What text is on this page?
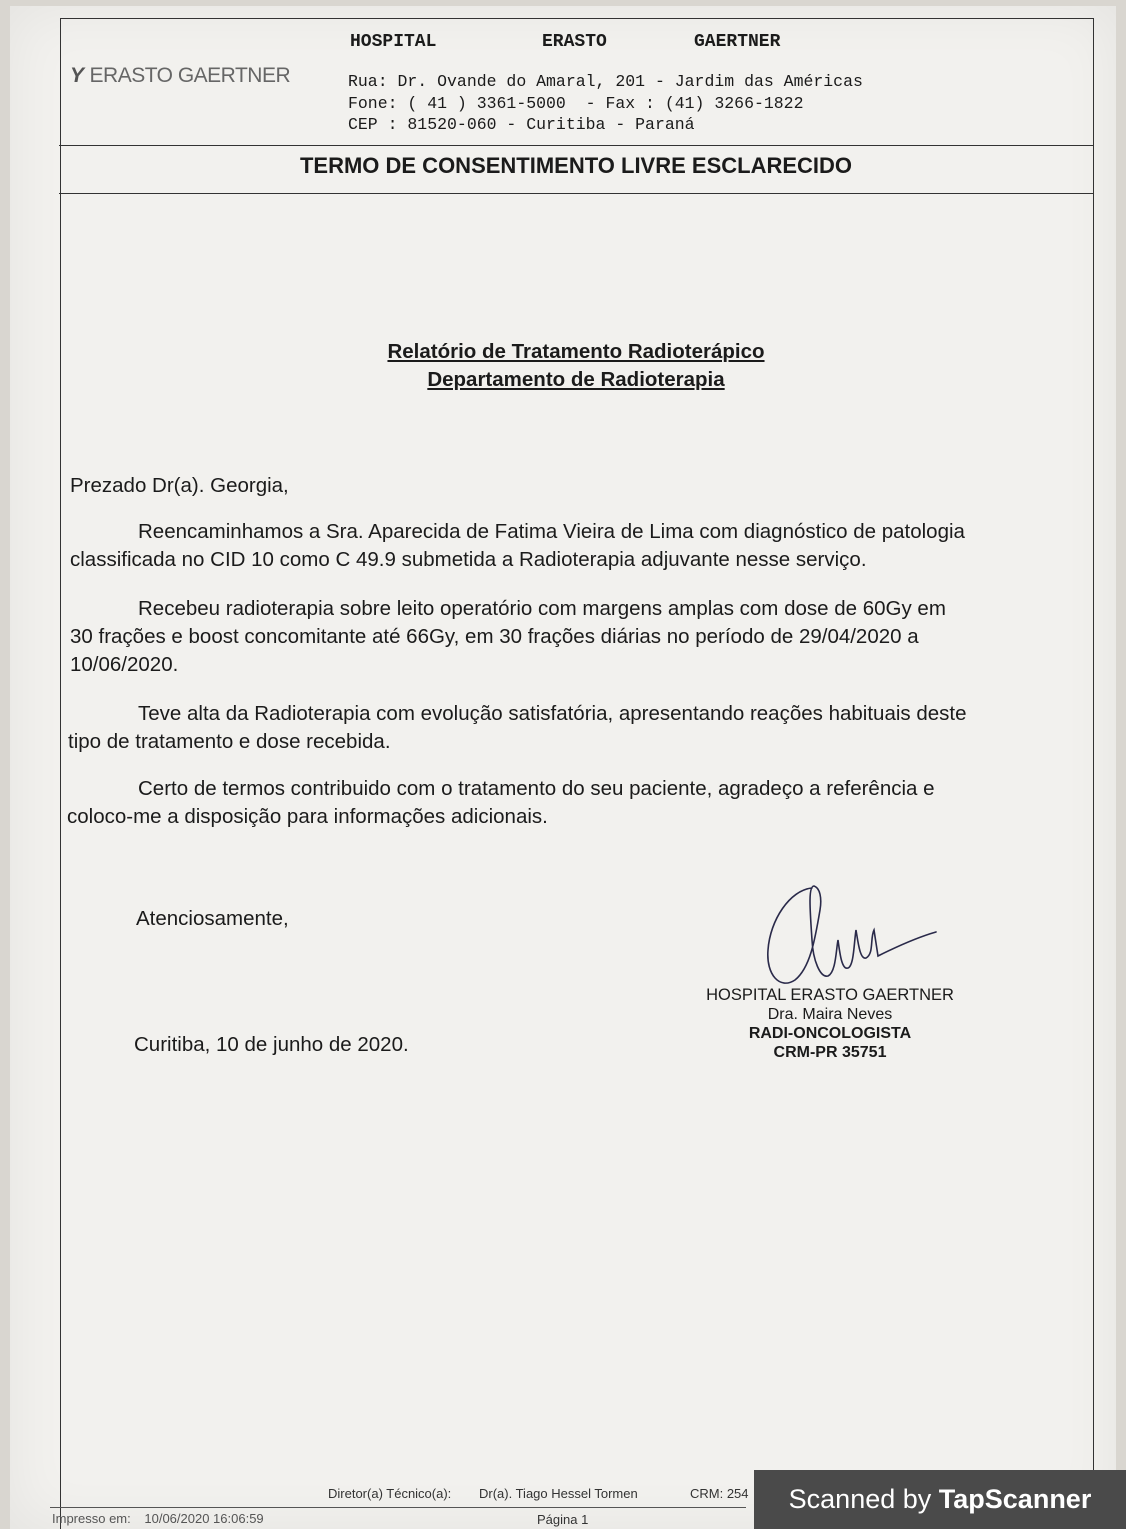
Y ERASTO GAERTNER
HOSPITAL	ERASTO	GAERTNER
Rua: Dr. Ovande do Amaral, 201 - Jardim das Américas
Fone: ( 41 ) 3361-5000  - Fax : (41) 3266-1822
CEP : 81520-060 - Curitiba - Paraná
TERMO DE CONSENTIMENTO LIVRE ESCLARECIDO
Relatório de Tratamento Radioterápico
Departamento de Radioterapia
Prezado Dr(a). Georgia,
Reencaminhamos a Sra. Aparecida de Fatima Vieira de Lima com diagnóstico de patologia
classificada no CID 10 como C 49.9 submetida a Radioterapia adjuvante nesse serviço.
Recebeu radioterapia sobre leito operatório com margens amplas com dose de 60Gy em
30 frações e boost concomitante até 66Gy, em 30 frações diárias no período de 29/04/2020 a
10/06/2020.
Teve alta da Radioterapia com evolução satisfatória, apresentando reações habituais deste
tipo de tratamento e dose recebida.
Certo de termos contribuido com o tratamento do seu paciente, agradeço a referência e
coloco-me a disposição para informações adicionais.
Atenciosamente,
Curitiba, 10 de junho de 2020.
HOSPITAL ERASTO GAERTNER
Dra. Maira Neves
RADI-ONCOLOGISTA
CRM-PR 35751
Diretor(a) Técnico(a): Dr(a). Tiago Hessel Tormen	CRM: 254
Impresso em: 10/06/2020 16:06:59	Página 1
Scanned by TapScanner
